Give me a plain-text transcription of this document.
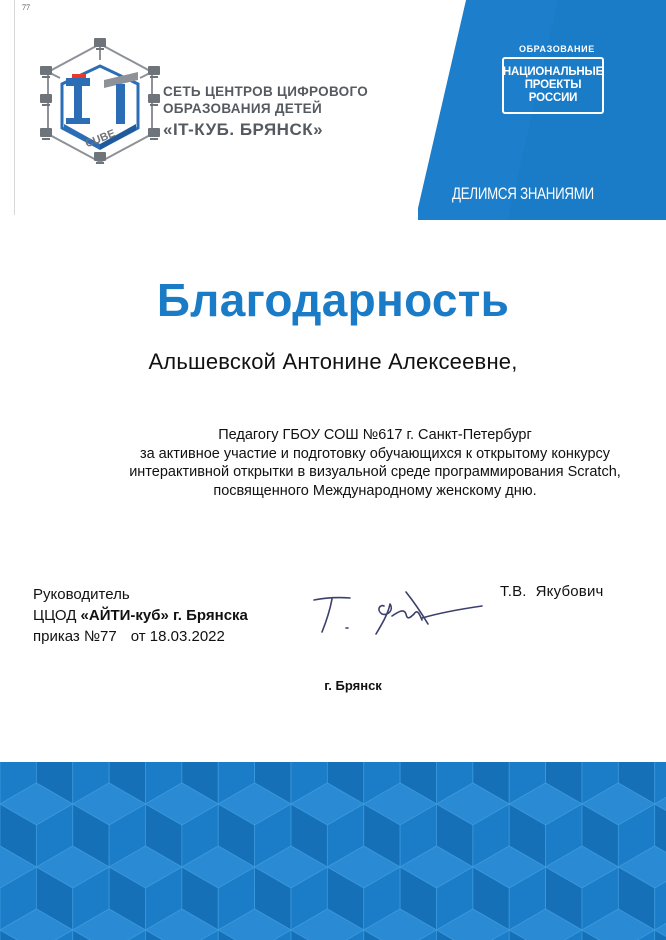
77
CUBE
СЕТЬ ЦЕНТРОВ ЦИФРОВОГО
ОБРАЗОВАНИЯ ДЕТЕЙ
«IT-КУБ. БРЯНСК»
ОБРАЗОВАНИЕ
НАЦИОНАЛЬНЫЕ
ПРОЕКТЫ
РОССИИ
ДЕЛИМСЯ ЗНАНИЯМИ
Благодарность
Альшевской Антонине Алексеевне,
Педагогу ГБОУ СОШ №617 г. Санкт-Петербург
за активное участие и подготовку обучающихся к открытому конкурсу
интерактивной открытки в визуальной среде программирования Scratch,
посвященного Международному женскому дню.
Руководитель
ЦЦОД «АЙТИ-куб» г. Брянска
приказ №77 от 18.03.2022
Т.В. Якубович
г. Брянск
